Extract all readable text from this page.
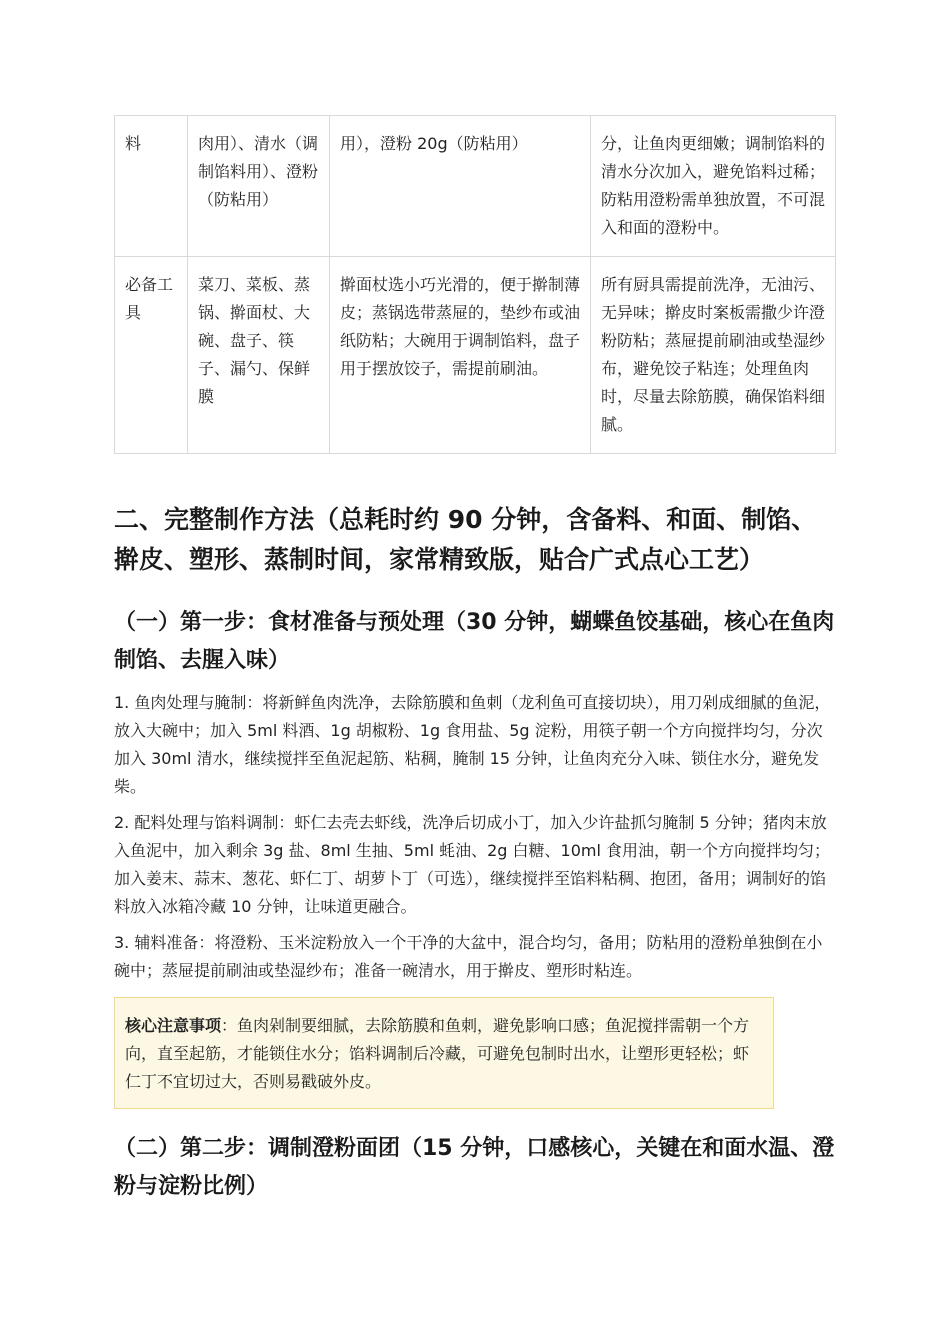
料	肉用）、清水（调制馅料用）、澄粉（防粘用）	用），澄粉 20g（防粘用）	分，让鱼肉更细嫩；调制馅料的清水分次加入，避免馅料过稀；防粘用澄粉需单独放置，不可混入和面的澄粉中。
必备工具	菜刀、菜板、蒸锅、擀面杖、大碗、盘子、筷子、漏勺、保鲜膜	擀面杖选小巧光滑的，便于擀制薄皮；蒸锅选带蒸屉的，垫纱布或油纸防粘；大碗用于调制馅料，盘子用于摆放饺子，需提前刷油。	所有厨具需提前洗净，无油污、无异味；擀皮时案板需撒少许澄粉防粘；蒸屉提前刷油或垫湿纱布，避免饺子粘连；处理鱼肉时，尽量去除筋膜，确保馅料细腻。
二、完整制作方法（总耗时约 90 分钟，含备料、和面、制馅、擀皮、塑形、蒸制时间，家常精致版，贴合广式点心工艺）
（一）第一步：食材准备与预处理（30 分钟，蝴蝶鱼饺基础，核心在鱼肉制馅、去腥入味）

1. 鱼肉处理与腌制：将新鲜鱼肉洗净，去除筋膜和鱼刺（龙利鱼可直接切块），用刀剁成细腻的鱼泥，放入大碗中；加入 5ml 料酒、1g 胡椒粉、1g 食用盐、5g 淀粉，用筷子朝一个方向搅拌均匀，分次加入 30ml 清水，继续搅拌至鱼泥起筋、粘稠，腌制 15 分钟，让鱼肉充分入味、锁住水分，避免发柴。

2. 配料处理与馅料调制：虾仁去壳去虾线，洗净后切成小丁，加入少许盐抓匀腌制 5 分钟；猪肉末放入鱼泥中，加入剩余 3g 盐、8ml 生抽、5ml 蚝油、2g 白糖、10ml 食用油，朝一个方向搅拌均匀；加入姜末、蒜末、葱花、虾仁丁、胡萝卜丁（可选），继续搅拌至馅料粘稠、抱团，备用；调制好的馅料放入冰箱冷藏 10 分钟，让味道更融合。

3. 辅料准备：将澄粉、玉米淀粉放入一个干净的大盆中，混合均匀，备用；防粘用的澄粉单独倒在小碗中；蒸屉提前刷油或垫湿纱布；准备一碗清水，用于擀皮、塑形时粘连。

核心注意事项：鱼肉剁制要细腻，去除筋膜和鱼刺，避免影响口感；鱼泥搅拌需朝一个方向，直至起筋，才能锁住水分；馅料调制后冷藏，可避免包制时出水，让塑形更轻松；虾仁丁不宜切过大，否则易戳破外皮。
（二）第二步：调制澄粉面团（15 分钟，口感核心，关键在和面水温、澄粉与淀粉比例）
